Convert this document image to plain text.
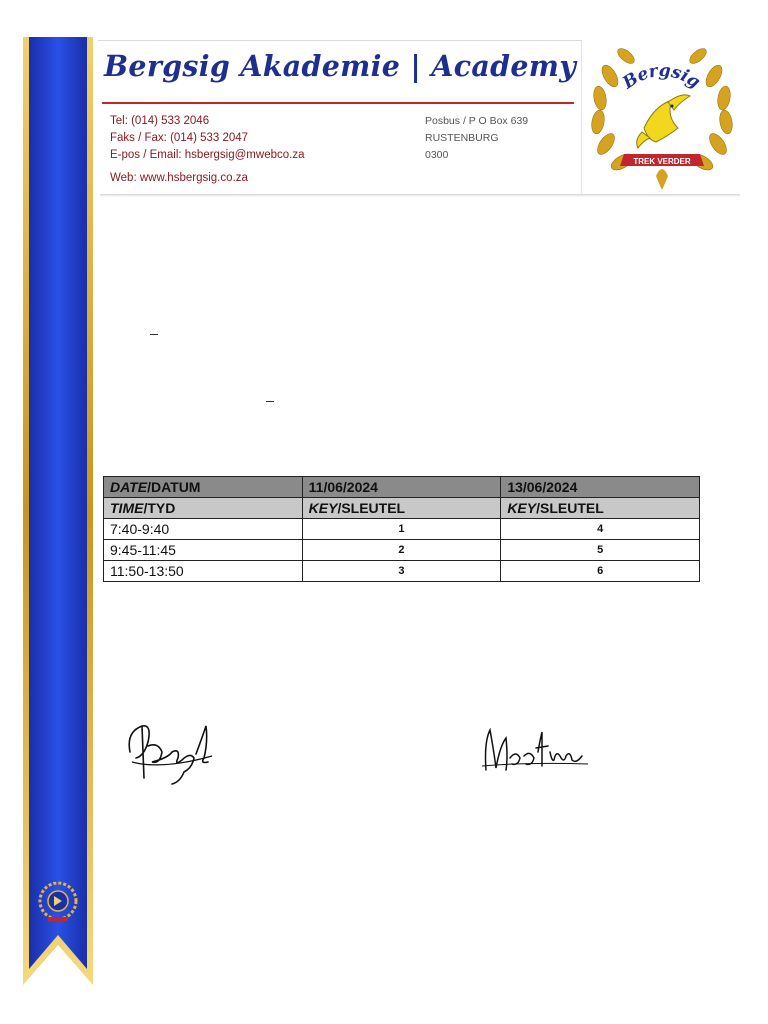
Bergsig Akademie | Academy
Tel: (014) 533 2046
Faks / Fax: (014) 533 2047
E-pos / Email: hsbergsig@mwebco.za
Web: www.hsbergsig.co.za
Posbus / P O Box 639
RUSTENBURG
0300
Bergsig
TREK VERDER
DATE/DATUM	11/06/2024	13/06/2024
TIME/TYD	KEY/SLEUTEL	KEY/SLEUTEL
7:40-9:40	1	4
9:45-11:45	2	5
11:50-13:50	3	6
